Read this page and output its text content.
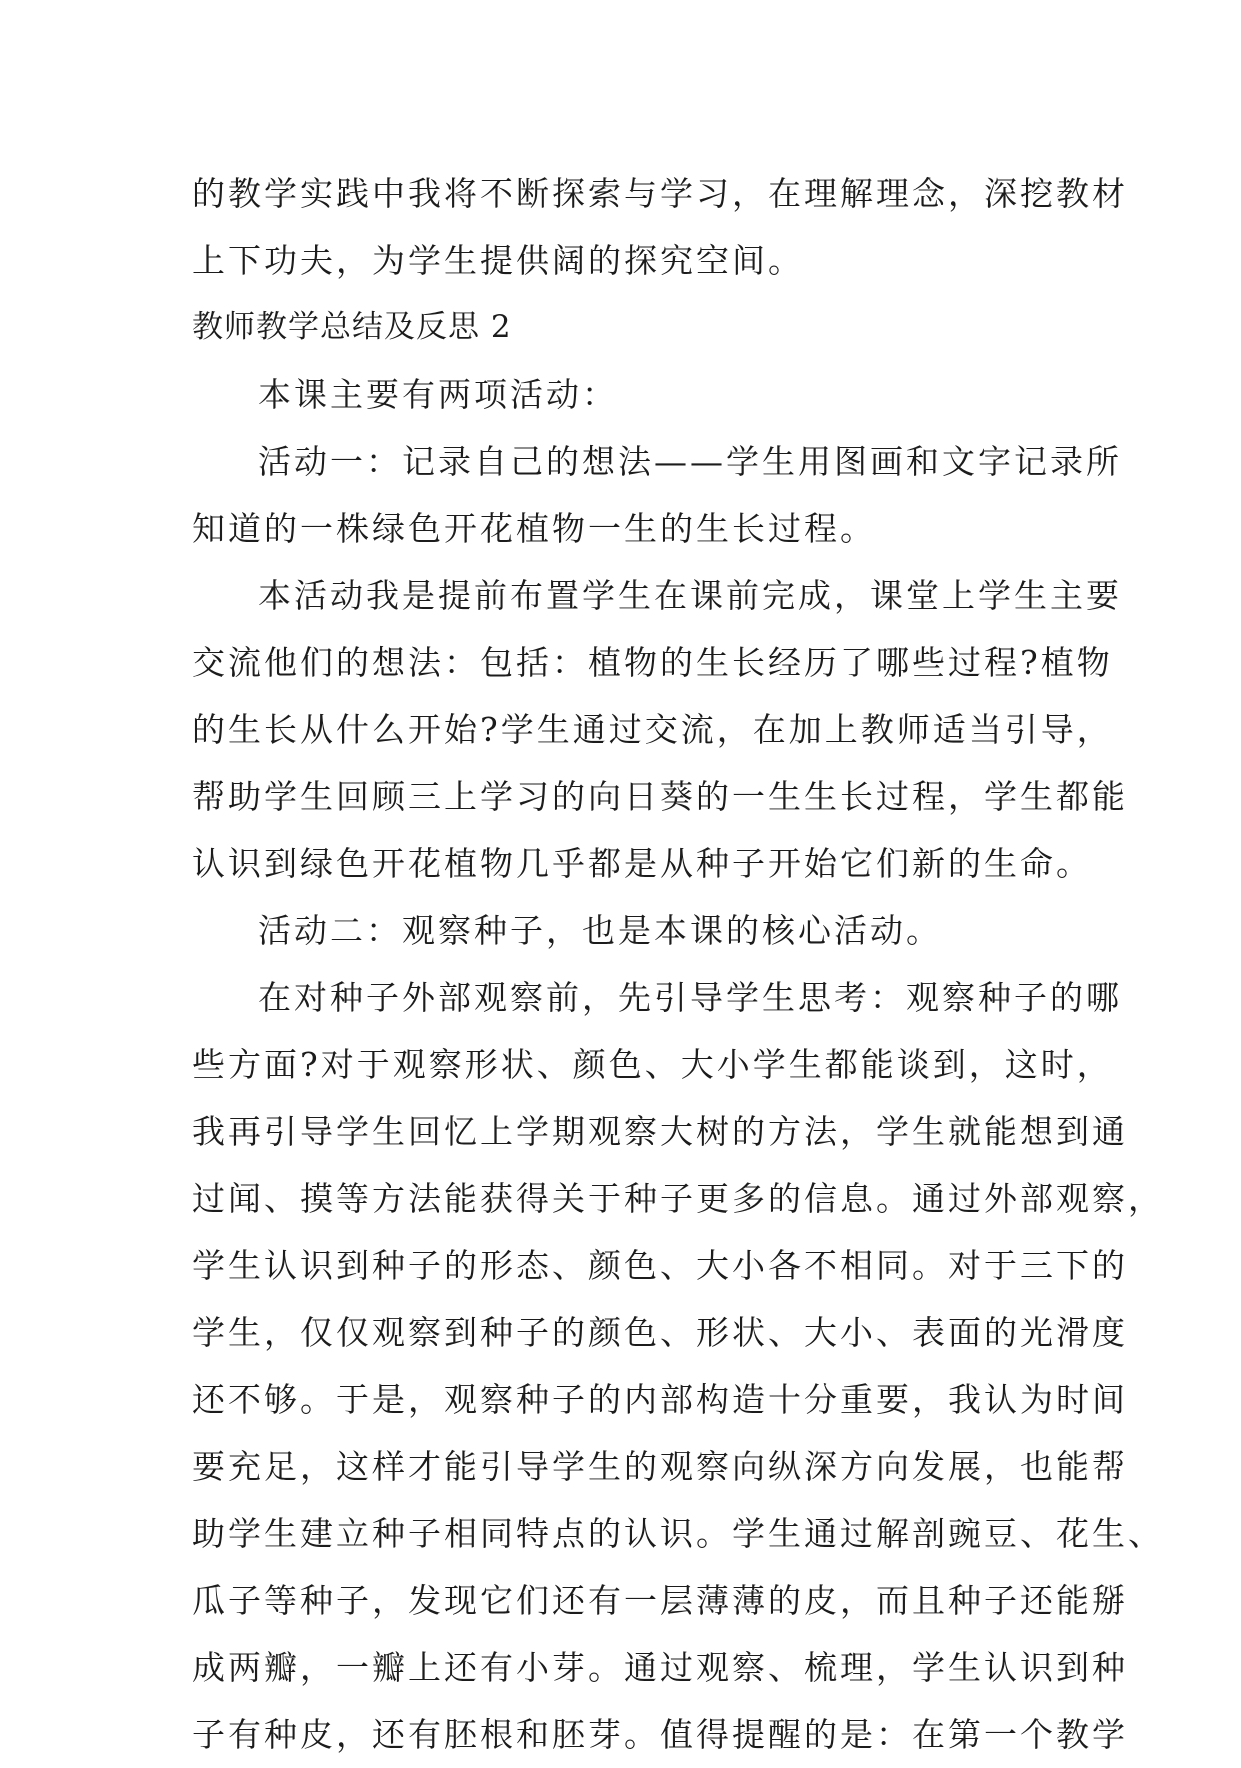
的教学实践中我将不断探索与学习，在理解理念，深挖教材
上下功夫，为学生提供阔的探究空间。
教师教学总结及反思 2
本课主要有两项活动：
活动一：记录自己的想法——学生用图画和文字记录所
知道的一株绿色开花植物一生的生长过程。
本活动我是提前布置学生在课前完成，课堂上学生主要
交流他们的想法：包括：植物的生长经历了哪些过程?植物
的生长从什么开始?学生通过交流，在加上教师适当引导，
帮助学生回顾三上学习的向日葵的一生生长过程，学生都能
认识到绿色开花植物几乎都是从种子开始它们新的生命。
活动二：观察种子，也是本课的核心活动。
在对种子外部观察前，先引导学生思考：观察种子的哪
些方面?对于观察形状、颜色、大小学生都能谈到，这时，
我再引导学生回忆上学期观察大树的方法，学生就能想到通
过闻、摸等方法能获得关于种子更多的信息。通过外部观察，
学生认识到种子的形态、颜色、大小各不相同。对于三下的
学生，仅仅观察到种子的颜色、形状、大小、表面的光滑度
还不够。于是，观察种子的内部构造十分重要，我认为时间
要充足，这样才能引导学生的观察向纵深方向发展，也能帮
助学生建立种子相同特点的认识。学生通过解剖豌豆、花生、
瓜子等种子，发现它们还有一层薄薄的皮，而且种子还能掰
成两瓣，一瓣上还有小芽。通过观察、梳理，学生认识到种
子有种皮，还有胚根和胚芽。值得提醒的是：在第一个教学
